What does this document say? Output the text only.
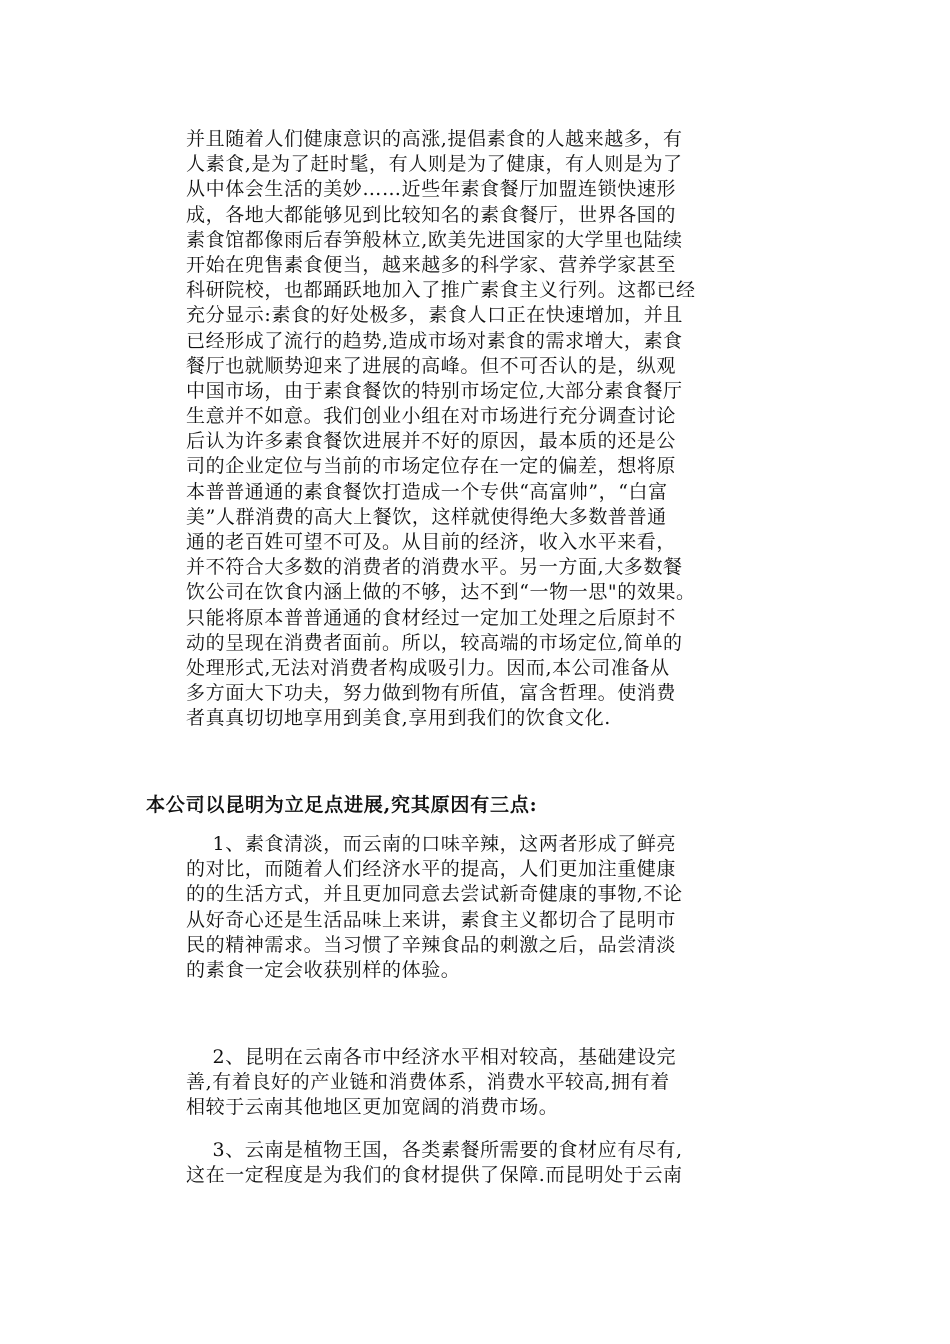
并且随着人们健康意识的高涨,提倡素食的人越来越多，有
人素食,是为了赶时髦，有人则是为了健康，有人则是为了
从中体会生活的美妙……近些年素食餐厅加盟连锁快速形
成，各地大都能够见到比较知名的素食餐厅，世界各国的
素食馆都像雨后春笋般林立,欧美先进国家的大学里也陆续
开始在兜售素食便当，越来越多的科学家、营养学家甚至
科研院校，也都踊跃地加入了推广素食主义行列。这都已经
充分显示:素食的好处极多，素食人口正在快速增加，并且
已经形成了流行的趋势,造成市场对素食的需求增大，素食
餐厅也就顺势迎来了进展的高峰。但不可否认的是，纵观
中国市场，由于素食餐饮的特别市场定位,大部分素食餐厅
生意并不如意。我们创业小组在对市场进行充分调查讨论
后认为许多素食餐饮进展并不好的原因，最本质的还是公
司的企业定位与当前的市场定位存在一定的偏差，想将原
本普普通通的素食餐饮打造成一个专供“高富帅”，“白富
美”人群消费的高大上餐饮，这样就使得绝大多数普普通
通的老百姓可望不可及。从目前的经济，收入水平来看，
并不符合大多数的消费者的消费水平。另一方面,大多数餐
饮公司在饮食内涵上做的不够，达不到“一物一思"的效果。
只能将原本普普通通的食材经过一定加工处理之后原封不
动的呈现在消费者面前。所以，较高端的市场定位,简单的
处理形式,无法对消费者构成吸引力。因而,本公司准备从
多方面大下功夫，努力做到物有所值，富含哲理。使消费
者真真切切地享用到美食,享用到我们的饮食文化.
本公司以昆明为立足点进展,究其原因有三点:
1、素食清淡，而云南的口味辛辣，这两者形成了鲜亮
的对比，而随着人们经济水平的提高，人们更加注重健康
的的生活方式，并且更加同意去尝试新奇健康的事物,不论
从好奇心还是生活品味上来讲，素食主义都切合了昆明市
民的精神需求。当习惯了辛辣食品的刺激之后，品尝清淡
的素食一定会收获别样的体验。
2、昆明在云南各市中经济水平相对较高，基础建设完
善,有着良好的产业链和消费体系，消费水平较高,拥有着
相较于云南其他地区更加宽阔的消费市场。
3、云南是植物王国，各类素餐所需要的食材应有尽有,
这在一定程度是为我们的食材提供了保障.而昆明处于云南
